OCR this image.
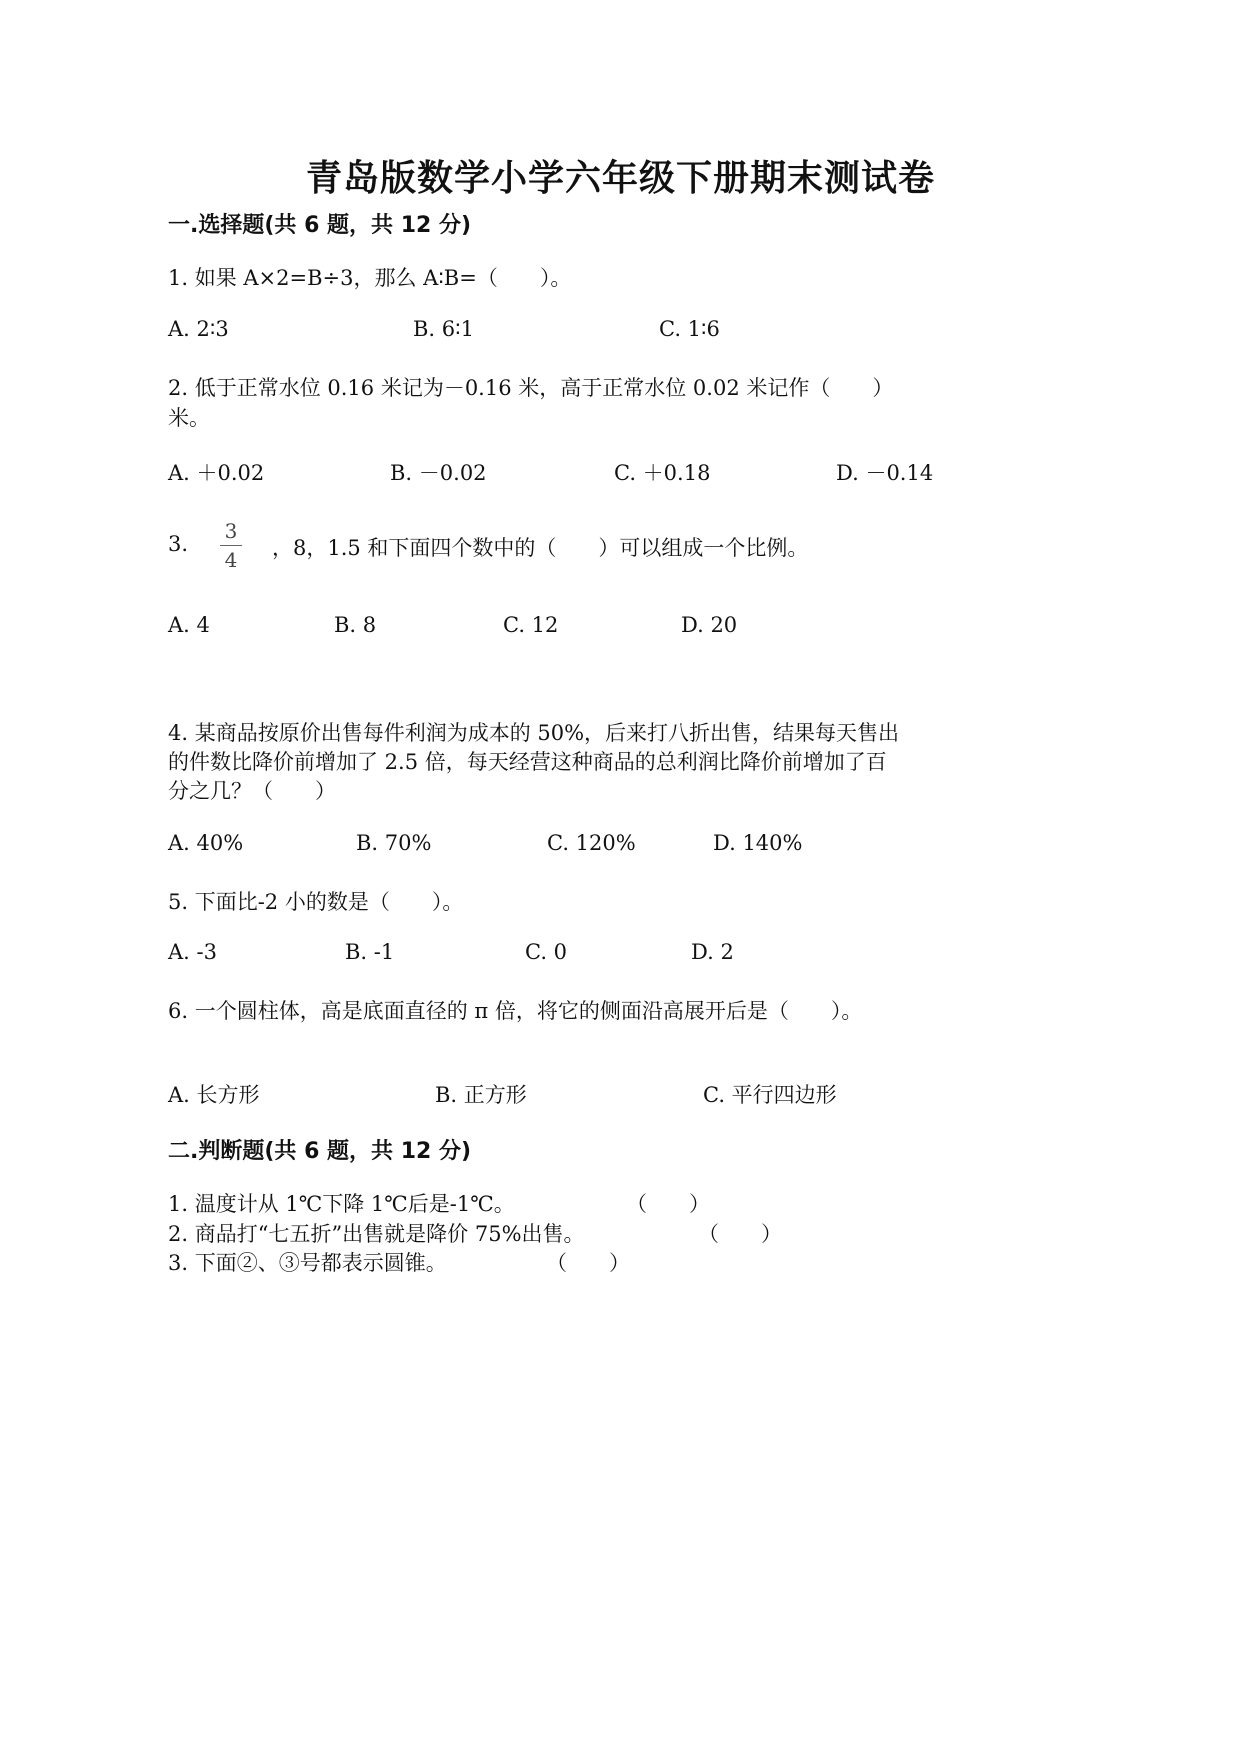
青岛版数学小学六年级下册期末测试卷
一.选择题(共 6 题，共 12 分)
1. 如果 A×2=B÷3，那么 A∶B=（　　）。
A. 2∶3	B. 6∶1	C. 1∶6
2. 低于正常水位 0.16 米记为－0.16 米，高于正常水位 0.02 米记作（　　）
米。
A. ＋0.02	B. －0.02	C. ＋0.18	D. －0.14
3.
3
4	，8，1.5 和下面四个数中的（　　）可以组成一个比例。
A. 4	B. 8	C. 12	D. 20
4. 某商品按原价出售每件利润为成本的 50%，后来打八折出售，结果每天售出
的件数比降价前增加了 2.5 倍，每天经营这种商品的总利润比降价前增加了百
分之几？（　　）
A. 40%	B. 70%	C. 120%	D. 140%
5. 下面比-2 小的数是（　　）。
A. -3	B. -1	C. 0	D. 2
6. 一个圆柱体，高是底面直径的 π 倍，将它的侧面沿高展开后是（　　）。
A. 长方形	B. 正方形	C. 平行四边形
二.判断题(共 6 题，共 12 分)
1. 温度计从 1℃下降 1℃后是-1℃。	（　　）
2. 商品打“七五折”出售就是降价 75%出售。	（　　）
3. 下面②、③号都表示圆锥。	（　　）
